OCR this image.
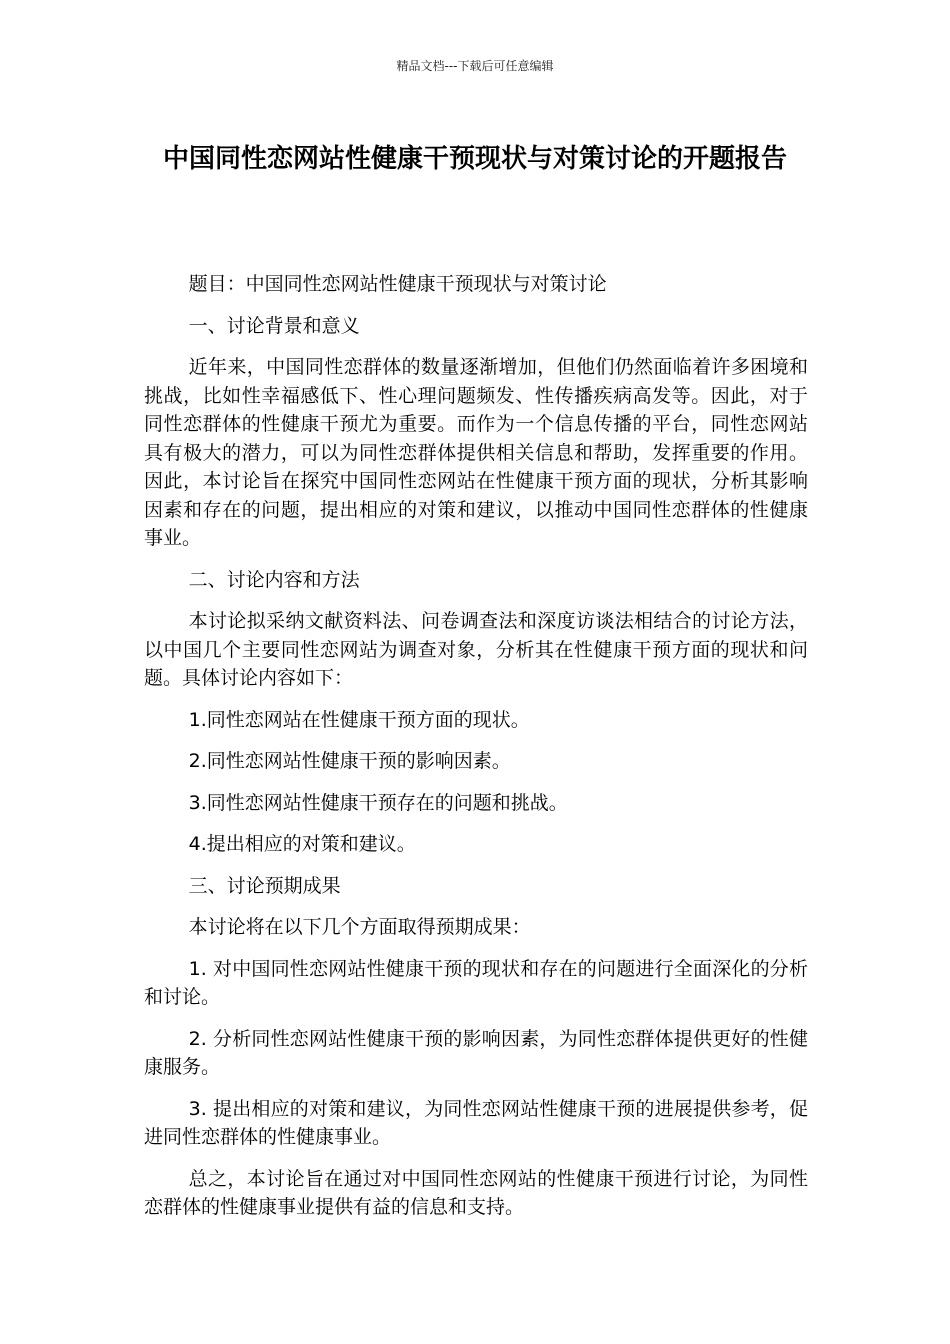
精品文档---下载后可任意编辑
中国同性恋网站性健康干预现状与对策讨论的开题报告

题目：中国同性恋网站性健康干预现状与对策讨论

一、讨论背景和意义

近年来，中国同性恋群体的数量逐渐增加，但他们仍然面临着许多困境和挑战，比如性幸福感低下、性心理问题频发、性传播疾病高发等。因此，对于同性恋群体的性健康干预尤为重要。而作为一个信息传播的平台，同性恋网站具有极大的潜力，可以为同性恋群体提供相关信息和帮助，发挥重要的作用。因此，本讨论旨在探究中国同性恋网站在性健康干预方面的现状，分析其影响因素和存在的问题，提出相应的对策和建议，以推动中国同性恋群体的性健康事业。

二、讨论内容和方法

本讨论拟采纳文献资料法、问卷调查法和深度访谈法相结合的讨论方法，以中国几个主要同性恋网站为调查对象，分析其在性健康干预方面的现状和问题。具体讨论内容如下：

1.同性恋网站在性健康干预方面的现状。

2.同性恋网站性健康干预的影响因素。

3.同性恋网站性健康干预存在的问题和挑战。

4.提出相应的对策和建议。

三、讨论预期成果

本讨论将在以下几个方面取得预期成果：

1. 对中国同性恋网站性健康干预的现状和存在的问题进行全面深化的分析和讨论。

2. 分析同性恋网站性健康干预的影响因素，为同性恋群体提供更好的性健康服务。

3. 提出相应的对策和建议，为同性恋网站性健康干预的进展提供参考，促进同性恋群体的性健康事业。

总之，本讨论旨在通过对中国同性恋网站的性健康干预进行讨论，为同性恋群体的性健康事业提供有益的信息和支持。
